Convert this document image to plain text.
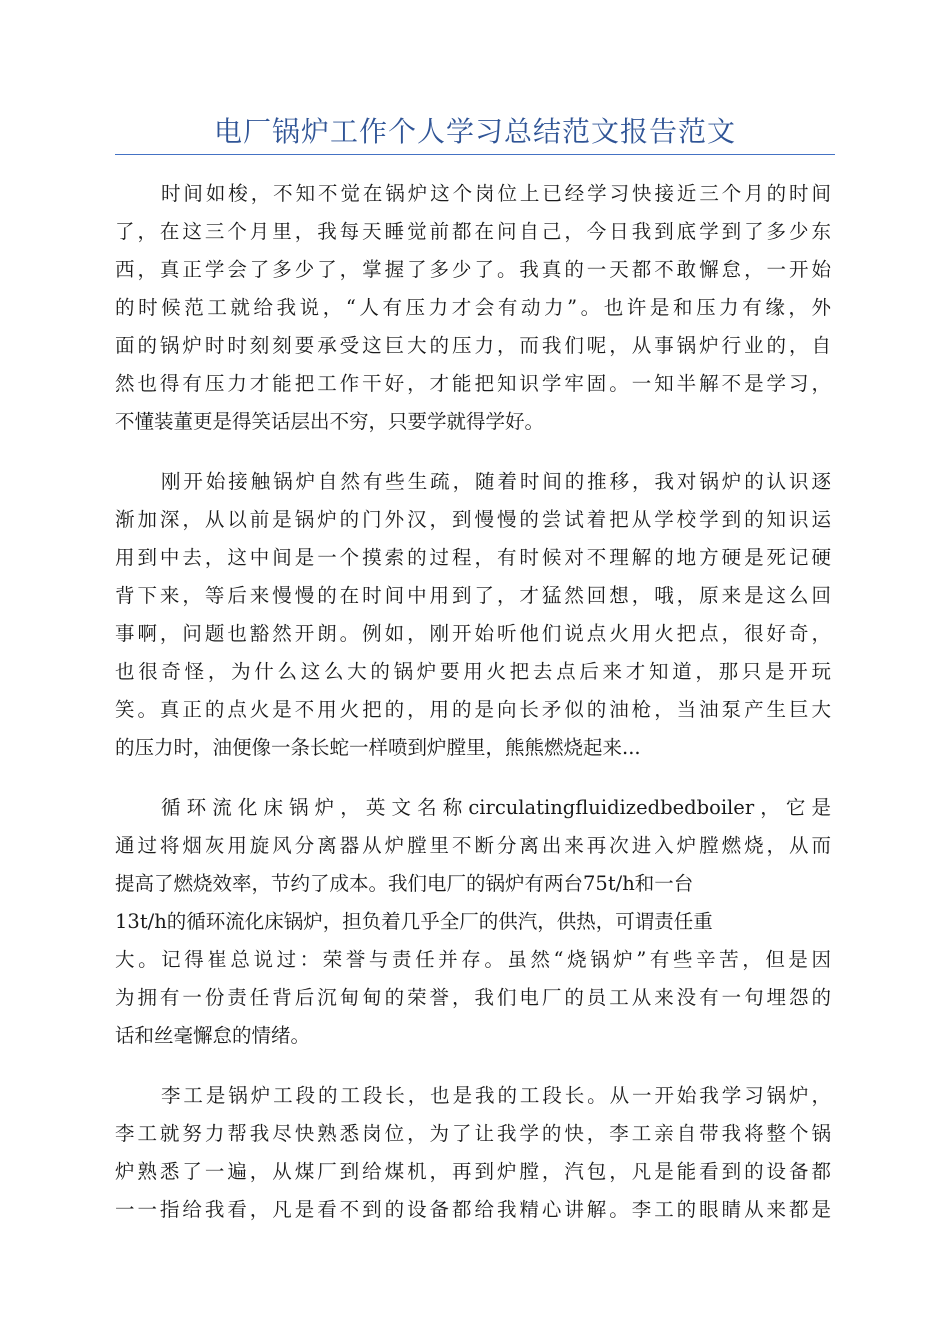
电厂锅炉工作个人学习总结范文报告范文

时间如梭，不知不觉在锅炉这个岗位上已经学习快接近三个月的时间
了，在这三个月里，我每天睡觉前都在问自己，今日我到底学到了多少东
西，真正学会了多少了，掌握了多少了。我真的一天都不敢懈怠，一开始
的时候范工就给我说，“人有压力才会有动力”。也许是和压力有缘，外
面的锅炉时时刻刻要承受这巨大的压力，而我们呢，从事锅炉行业的，自
然也得有压力才能把工作干好，才能把知识学牢固。一知半解不是学习，
不懂装董更是得笑话层出不穷，只要学就得学好。

刚开始接触锅炉自然有些生疏，随着时间的推移，我对锅炉的认识逐
渐加深，从以前是锅炉的门外汉，到慢慢的尝试着把从学校学到的知识运
用到中去，这中间是一个摸索的过程，有时候对不理解的地方硬是死记硬
背下来，等后来慢慢的在时间中用到了，才猛然回想，哦，原来是这么回
事啊，问题也豁然开朗。例如，刚开始听他们说点火用火把点，很好奇，
也很奇怪，为什么这么大的锅炉要用火把去点后来才知道，那只是开玩
笑。真正的点火是不用火把的，用的是向长矛似的油枪，当油泵产生巨大
的压力时，油便像一条长蛇一样喷到炉膛里，熊熊燃烧起来...

循环流化床锅炉，英文名称circulatingfluidizedbedboiler，它是
通过将烟灰用旋风分离器从炉膛里不断分离出来再次进入炉膛燃烧，从而
提高了燃烧效率，节约了成本。我们电厂的锅炉有两台75t/h和一台
13t/h的循环流化床锅炉，担负着几乎全厂的供汽，供热，可谓责任重
大。记得崔总说过：荣誉与责任并存。虽然“烧锅炉”有些辛苦，但是因
为拥有一份责任背后沉甸甸的荣誉，我们电厂的员工从来没有一句埋怨的
话和丝毫懈怠的情绪。

李工是锅炉工段的工段长，也是我的工段长。从一开始我学习锅炉，
李工就努力帮我尽快熟悉岗位，为了让我学的快，李工亲自带我将整个锅
炉熟悉了一遍，从煤厂到给煤机，再到炉膛，汽包，凡是能看到的设备都
一一指给我看，凡是看不到的设备都给我精心讲解。李工的眼睛从来都是
